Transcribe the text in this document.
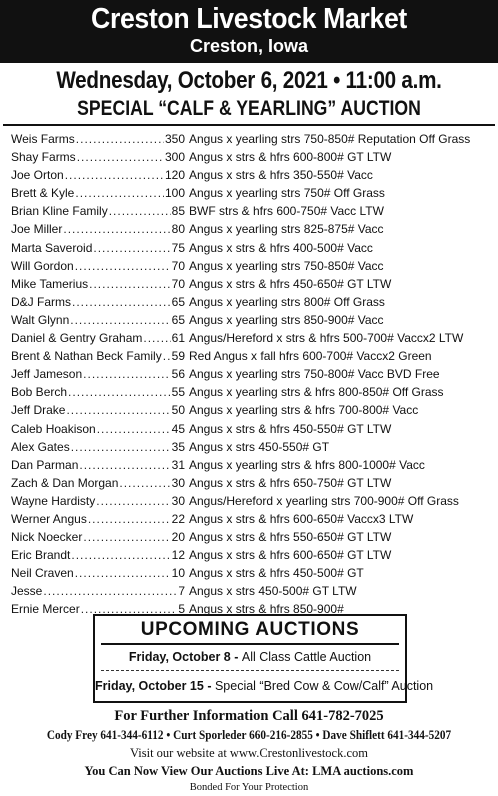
Creston Livestock Market
Creston, Iowa
Wednesday, October 6, 2021 • 11:00 a.m.
SPECIAL “CALF & YEARLING” AUCTION
Weis Farms .....	350 Angus x yearling strs 750-850# Reputation Off Grass
Shay Farms .....	300 Angus x strs & hfrs 600-800# GT LTW
Joe Orton .....	120 Angus x strs & hfrs 350-550# Vacc
Brett & Kyle .....	100 Angus x yearling strs 750# Off Grass
Brian Kline Family .....	85 BWF strs & hfrs 600-750# Vacc LTW
Joe Miller .....	80 Angus x yearling strs 825-875# Vacc
Marta Saveroid .....	75 Angus x strs & hfrs 400-500# Vacc
Will Gordon .....	70 Angus x yearling strs 750-850# Vacc
Mike Tamerius .....	70 Angus x strs & hfrs 450-650# GT LTW
D&J Farms .....	65 Angus x yearling strs 800# Off Grass
Walt Glynn .....	65 Angus x yearling strs 850-900# Vacc
Daniel & Gentry Graham ..... 61 Angus/Hereford x strs & hfrs 500-700# Vaccx2 LTW
Brent & Nathan Beck Family ..... 59 Red Angus x fall hfrs 600-700# Vaccx2 Green
Jeff Jameson .....	56 Angus x yearling strs 750-800# Vacc BVD Free
Bob Berch .....	55 Angus x yearling strs & hfrs 800-850# Off Grass
Jeff Drake .....	50 Angus x yearling strs & hfrs 700-800# Vacc
Caleb Hoakison .....	45 Angus x strs & hfrs 450-550# GT LTW
Alex Gates .....	35 Angus x strs 450-550# GT
Dan Parman .....	31 Angus x yearling strs & hfrs 800-1000# Vacc
Zach & Dan Morgan .....	30 Angus x strs & hfrs 650-750# GT LTW
Wayne Hardisty .....	30 Angus/Hereford x yearling strs 700-900# Off Grass
Werner Angus .....	22 Angus x strs & hfrs 600-650# Vaccx3 LTW
Nick Noecker .....	20 Angus x strs & hfrs 550-650# GT LTW
Eric Brandt .....	12 Angus x strs & hfrs 600-650# GT LTW
Neil Craven .....	10 Angus x strs & hfrs 450-500# GT
Jesse .....	7 Angus x strs 450-500# GT LTW
Ernie Mercer .....	5 Angus x strs & hfrs 850-900#
UPCOMING AUCTIONS
Friday, October 8 - All Class Cattle Auction
Friday, October 15 - Special “Bred Cow & Cow/Calf” Auction
For Further Information Call 641-782-7025
Cody Frey 641-344-6112 • Curt Sporleder 660-216-2855 • Dave Shiflett 641-344-5207
Visit our website at www.Crestonlivestock.com
You Can Now View Our Auctions Live At: LMA auctions.com
Bonded For Your Protection
